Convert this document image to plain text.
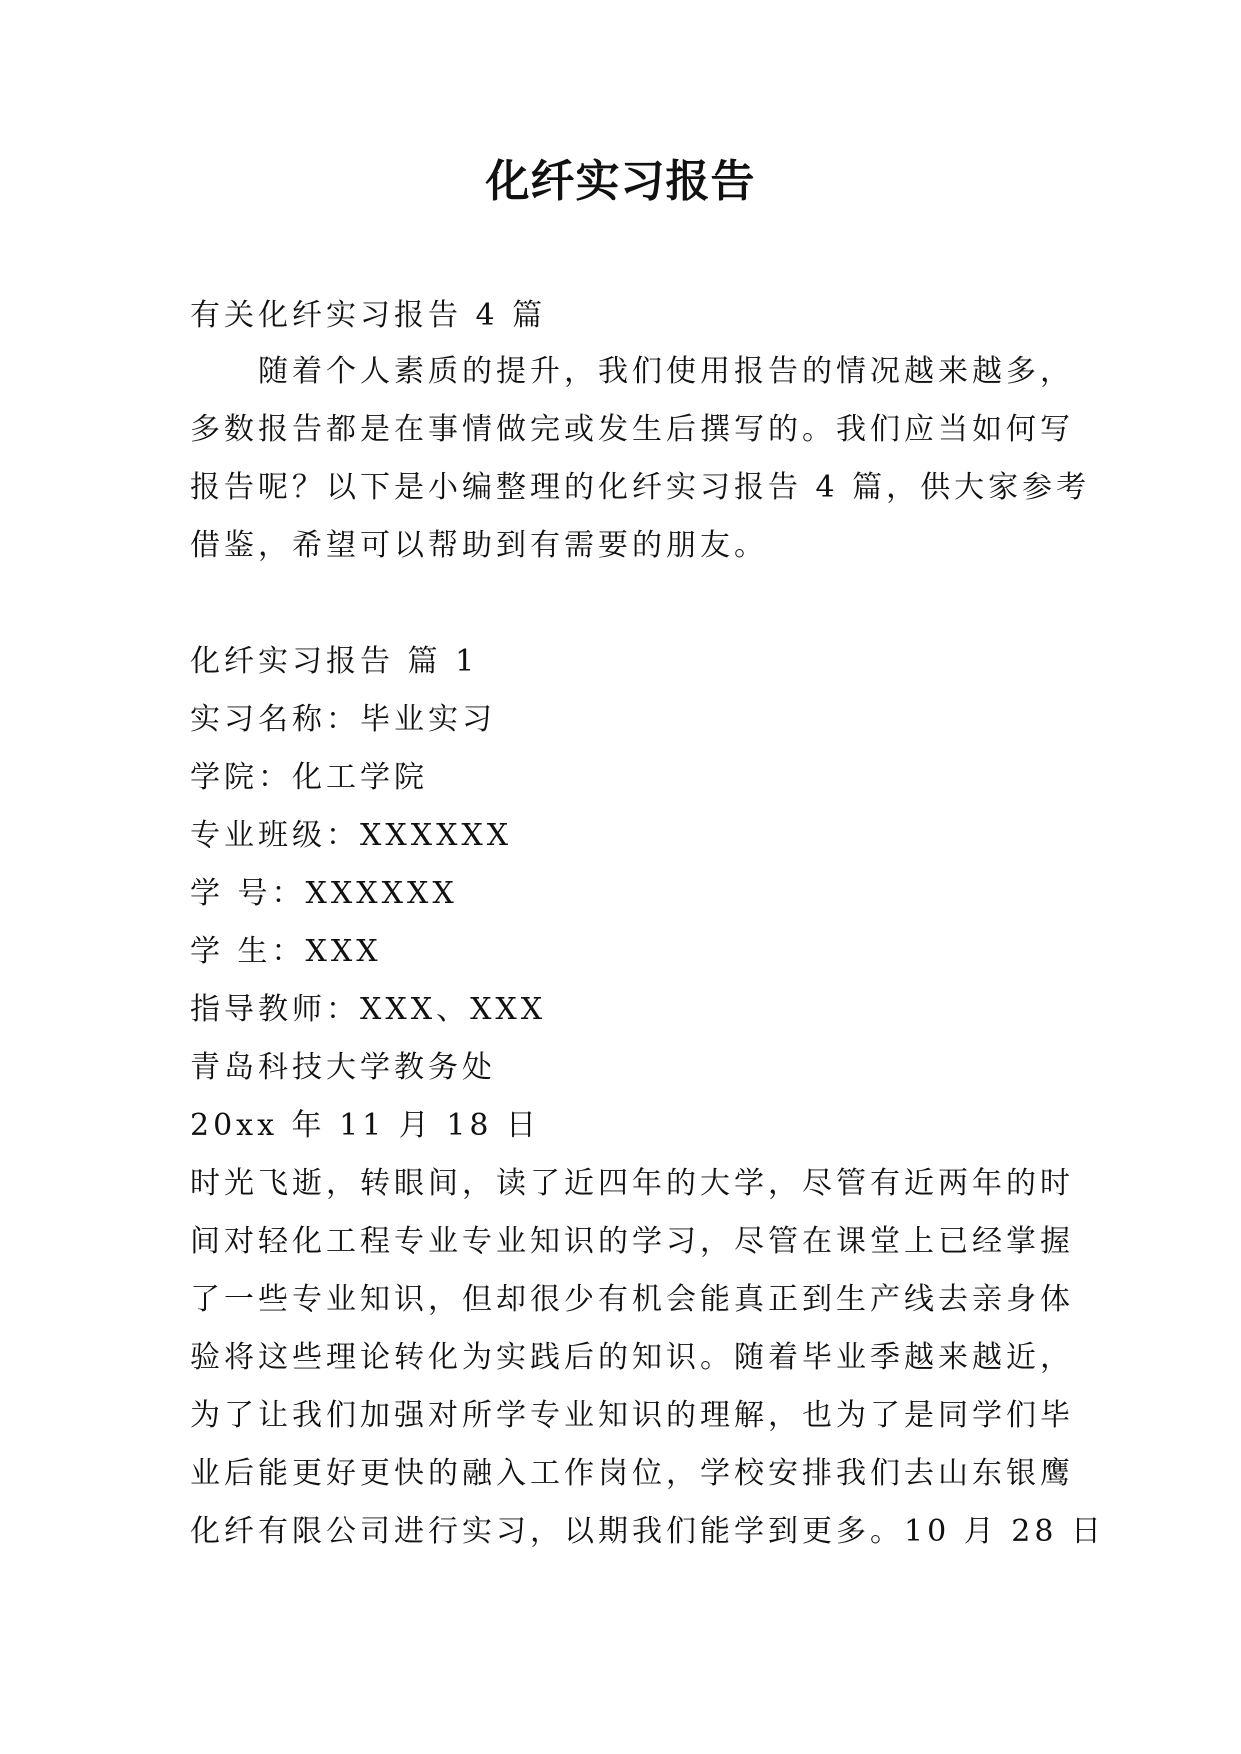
化纤实习报告
有关化纤实习报告 4 篇
随着个人素质的提升，我们使用报告的情况越来越多，
多数报告都是在事情做完或发生后撰写的。我们应当如何写
报告呢？以下是小编整理的化纤实习报告 4 篇，供大家参考
借鉴，希望可以帮助到有需要的朋友。
化纤实习报告 篇 1
实习名称：毕业实习
学院：化工学院
专业班级：XXXXXX
学 号：XXXXXX
学 生：XXX
指导教师：XXX、XXX
青岛科技大学教务处
20xx 年 11 月 18 日
时光飞逝，转眼间，读了近四年的大学，尽管有近两年的时
间对轻化工程专业专业知识的学习，尽管在课堂上已经掌握
了一些专业知识，但却很少有机会能真正到生产线去亲身体
验将这些理论转化为实践后的知识。随着毕业季越来越近，
为了让我们加强对所学专业知识的理解，也为了是同学们毕
业后能更好更快的融入工作岗位，学校安排我们去山东银鹰
化纤有限公司进行实习，以期我们能学到更多。10 月 28 日
